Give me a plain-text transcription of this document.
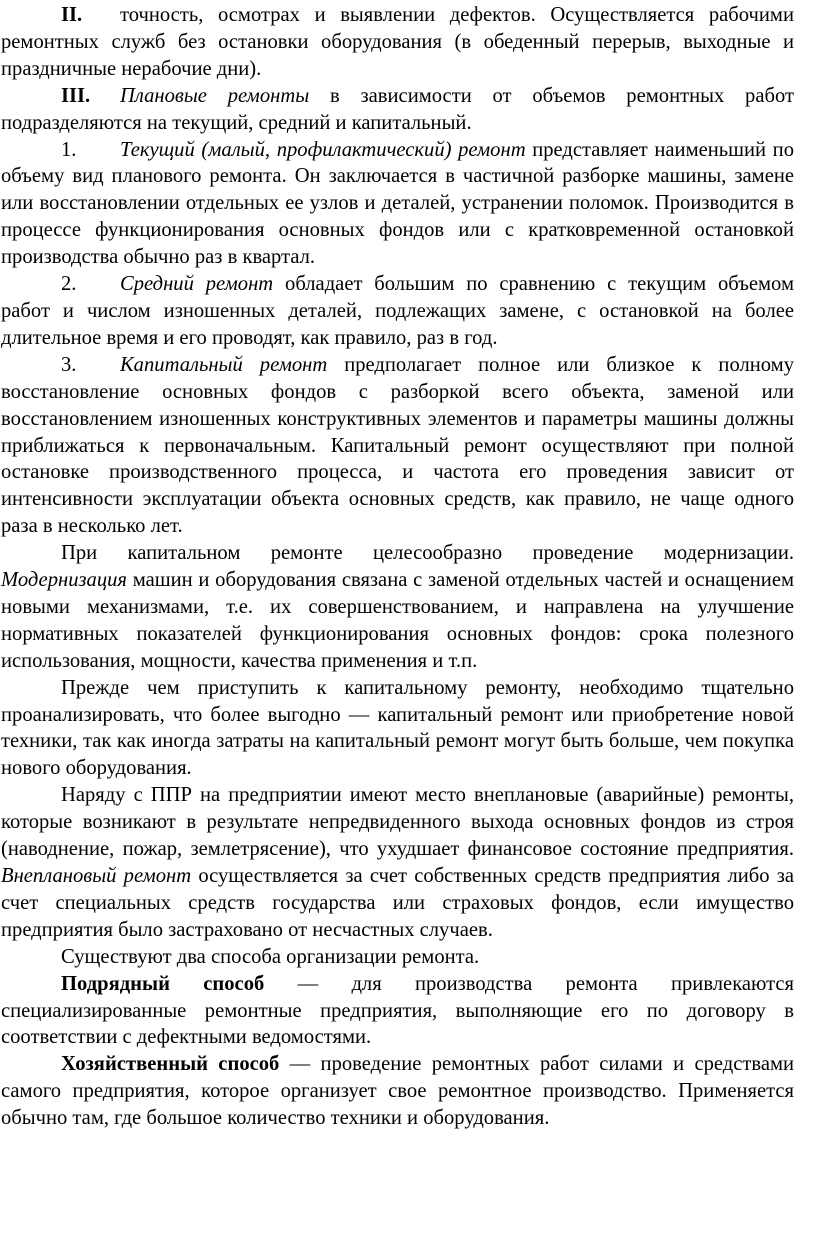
II. точность, осмотрах и выявлении дефектов. Осуществляется рабочими ремонтных служб без остановки оборудования (в обеденный перерыв, выходные и праздничные нерабочие дни).

III. Плановые ремонты в зависимости от объемов ремонтных работ подразделяются на текущий, средний и капитальный.

1. Текущий (малый, профилактический) ремонт представляет наименьший по объему вид планового ремонта. Он заключается в частичной разборке машины, замене или восстановлении отдельных ее узлов и деталей, устранении поломок. Производится в процессе функционирования основных фондов или с кратковременной остановкой производства обычно раз в квартал.

2. Средний ремонт обладает большим по сравнению с текущим объемом работ и числом изношенных деталей, подлежащих замене, с остановкой на более длительное время и его проводят, как правило, раз в год.

3. Капитальный ремонт предполагает полное или близкое к полному восстановление основных фондов с разборкой всего объекта, заменой или восстановлением изношенных конструктивных элементов и параметры машины должны приближаться к первоначальным. Капитальный ремонт осуществляют при полной остановке производственного процесса, и частота его проведения зависит от интенсивности эксплуатации объекта основных средств, как правило, не чаще одного раза в несколько лет.

При капитальном ремонте целесообразно проведение модернизации. Модернизация машин и оборудования связана с заменой отдельных частей и оснащением новыми механизмами, т.е. их совершенствованием, и направлена на улучшение нормативных показателей функционирования основных фондов: срока полезного использования, мощности, качества применения и т.п.

Прежде чем приступить к капитальному ремонту, необходимо тщательно проанализировать, что более выгодно — капитальный ремонт или приобретение новой техники, так как иногда затраты на капитальный ремонт могут быть больше, чем покупка нового оборудования.

Наряду с ППР на предприятии имеют место внеплановые (аварийные) ремонты, которые возникают в результате непредвиденного выхода основных фондов из строя (наводнение, пожар, землетрясение), что ухудшает финансовое состояние предприятия. Внеплановый ремонт осуществляется за счет собственных средств предприятия либо за счет специальных средств государства или страховых фондов, если имущество предприятия было застраховано от несчастных случаев.

Существуют два способа организации ремонта.

Подрядный способ — для производства ремонта привлекаются специализированные ремонтные предприятия, выполняющие его по договору в соответствии с дефектными ведомостями.

Хозяйственный способ — проведение ремонтных работ силами и средствами самого предприятия, которое организует свое ремонтное производство. Применяется обычно там, где большое количество техники и оборудования.
